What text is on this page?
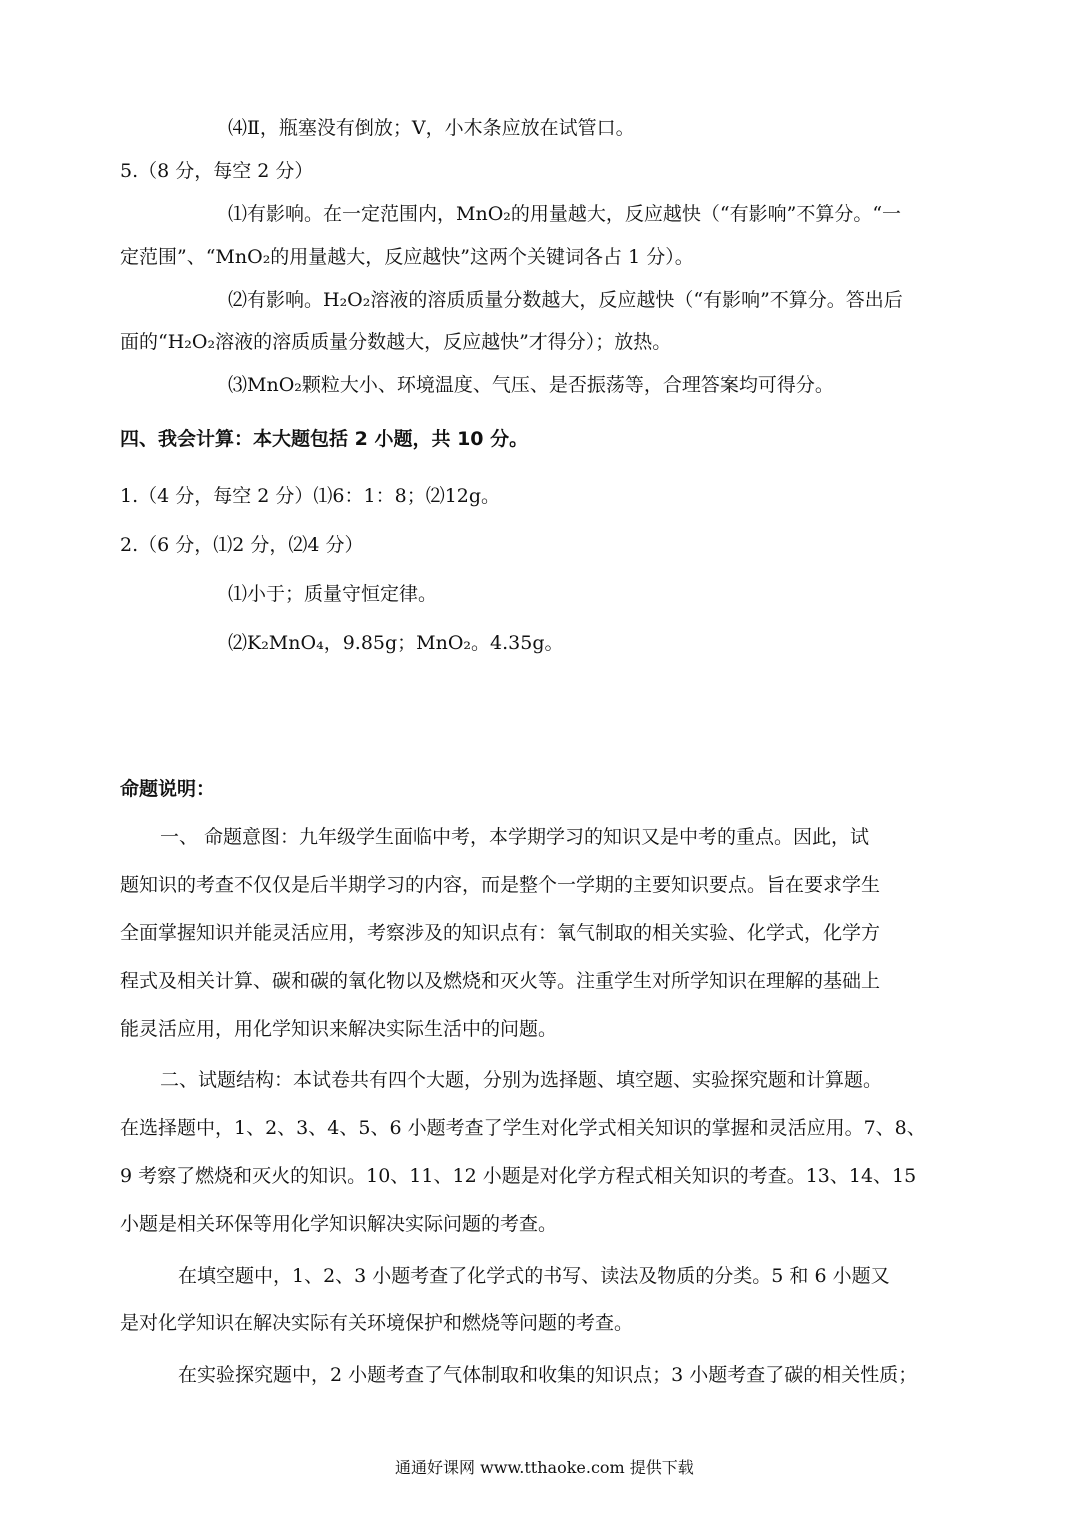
⑷Ⅱ，瓶塞没有倒放；Ⅴ，小木条应放在试管口。
5.（8 分，每空 2 分）
⑴有影响。在一定范围内，MnO₂的用量越大，反应越快（“有影响”不算分。“一
定范围”、“MnO₂的用量越大，反应越快”这两个关键词各占 1 分）。
⑵有影响。H₂O₂溶液的溶质质量分数越大，反应越快（“有影响”不算分。答出后
面的“H₂O₂溶液的溶质质量分数越大，反应越快”才得分）；放热。
⑶MnO₂颗粒大小、环境温度、气压、是否振荡等，合理答案均可得分。
四、我会计算：本大题包括 2 小题，共 10 分。
1.（4 分，每空 2 分）⑴6：1：8；⑵12g。
2.（6 分，⑴2 分，⑵4 分）
⑴小于；质量守恒定律。
⑵K₂MnO₄，9.85g；MnO₂。4.35g。
命题说明：
一、 命题意图：九年级学生面临中考，本学期学习的知识又是中考的重点。因此，试
题知识的考查不仅仅是后半期学习的内容，而是整个一学期的主要知识要点。旨在要求学生
全面掌握知识并能灵活应用，考察涉及的知识点有：氧气制取的相关实验、化学式，化学方
程式及相关计算、碳和碳的氧化物以及燃烧和灭火等。注重学生对所学知识在理解的基础上
能灵活应用，用化学知识来解决实际生活中的问题。
二、试题结构：本试卷共有四个大题，分别为选择题、填空题、实验探究题和计算题。
在选择题中，1、2、3、4、5、6 小题考查了学生对化学式相关知识的掌握和灵活应用。7、8、
9 考察了燃烧和灭火的知识。10、11、12 小题是对化学方程式相关知识的考查。13、14、15
小题是相关环保等用化学知识解决实际问题的考查。
在填空题中，1、2、3 小题考查了化学式的书写、读法及物质的分类。5 和 6 小题又
是对化学知识在解决实际有关环境保护和燃烧等问题的考查。
在实验探究题中，2 小题考查了气体制取和收集的知识点；3 小题考查了碳的相关性质；
通通好课网 www.tthaoke.com 提供下载
